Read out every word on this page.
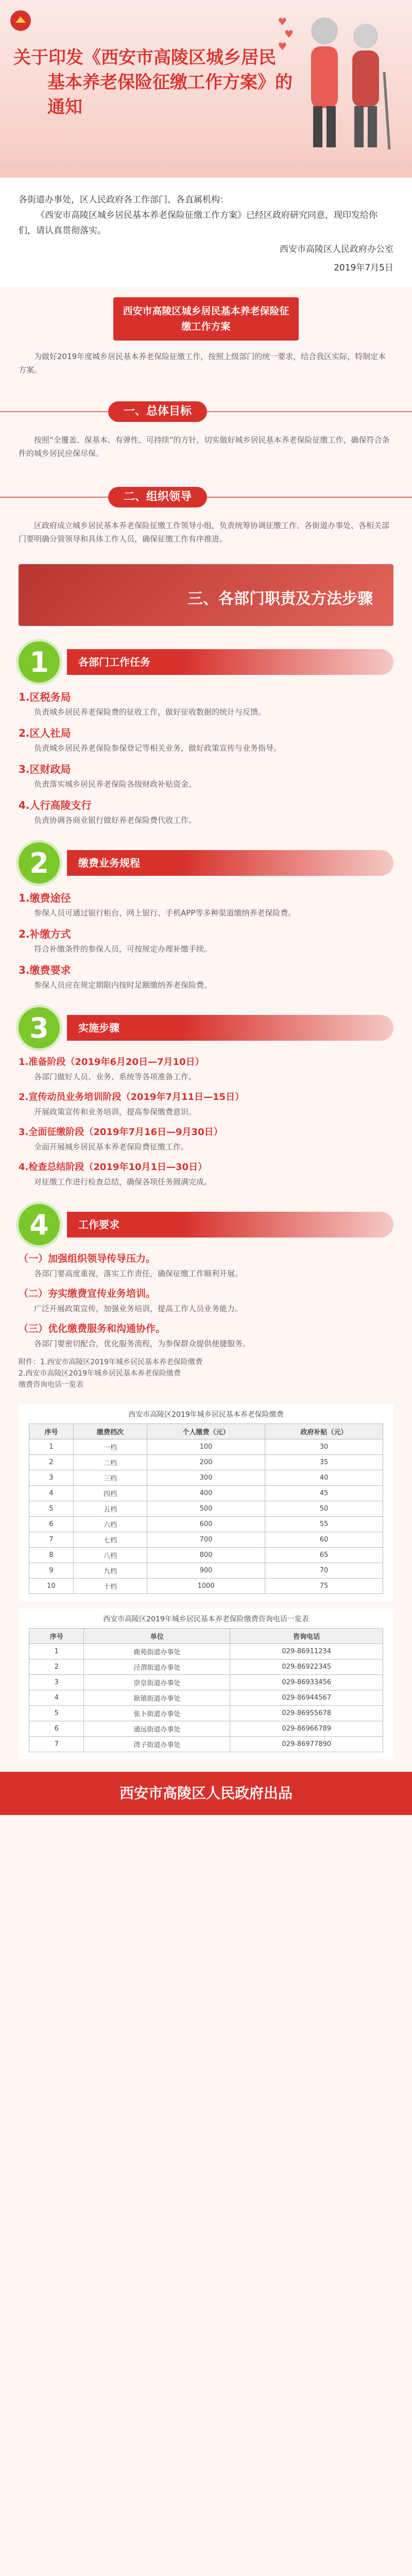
♥
♥
♥
关于印发《西安市高陵区城乡居民
基本养老保险征缴工作方案》的通知

各街道办事处，区人民政府各工作部门、各直属机构：

《西安市高陵区城乡居民基本养老保险征缴工作方案》已经区政府研究同意，现印发给你们，请认真贯彻落实。

西安市高陵区人民政府办公室

2019年7月5日

西安市高陵区城乡居民基本养老保险征缴工作方案
为做好2019年度城乡居民基本养老保险征缴工作，按照上级部门的统一要求，结合我区实际，特制定本方案。
一、总体目标

按照“全覆盖、保基本、有弹性、可持续”的方针，切实做好城乡居民基本养老保险征缴工作，确保符合条件的城乡居民应保尽保。

二、组织领导

区政府成立城乡居民基本养老保险征缴工作领导小组，负责统筹协调征缴工作。各街道办事处、各相关部门要明确分管领导和具体工作人员，确保征缴工作有序推进。

三、各部门职责及方法步骤
1	各部门工作任务
1.区税务局

负责城乡居民养老保险费的征收工作，做好征收数据的统计与反馈。

2.区人社局

负责城乡居民养老保险参保登记等相关业务，做好政策宣传与业务指导。

3.区财政局

负责落实城乡居民养老保险各级财政补贴资金。

4.人行高陵支行

负责协调各商业银行做好养老保险费代收工作。

2	缴费业务规程
1.缴费途径

参保人员可通过银行柜台、网上银行、手机APP等多种渠道缴纳养老保险费。

2.补缴方式

符合补缴条件的参保人员，可按规定办理补缴手续。

3.缴费要求

参保人员应在规定期限内按时足额缴纳养老保险费。

3	实施步骤
1.准备阶段（2019年6月20日—7月10日）

各部门做好人员、业务、系统等各项准备工作。

2.宣传动员业务培训阶段（2019年7月11日—15日）

开展政策宣传和业务培训，提高参保缴费意识。

3.全面征缴阶段（2019年7月16日—9月30日）

全面开展城乡居民基本养老保险费征缴工作。

4.检查总结阶段（2019年10月1日—30日）

对征缴工作进行检查总结，确保各项任务圆满完成。

4	工作要求
（一）加强组织领导传导压力。

各部门要高度重视，落实工作责任，确保征缴工作顺利开展。

（二）夯实缴费宣传业务培训。

广泛开展政策宣传，加强业务培训，提高工作人员业务能力。

（三）优化缴费服务和沟通协作。

各部门要密切配合，优化服务流程，为参保群众提供便捷服务。

附件：1.西安市高陵区2019年城乡居民基本养老保险缴费

2.西安市高陵区2019年城乡居民基本养老保险缴费

缴费咨询电话一览表

西安市高陵区2019年城乡居民基本养老保险缴费
序号	缴费档次	个人缴费（元）	政府补贴（元）
1	一档	100	30
2	二档	200	35
3	三档	300	40
4	四档	400	45
5	五档	500	50
6	六档	600	55
7	七档	700	60
8	八档	800	65
9	九档	900	70
10	十档	1000	75
西安市高陵区2019年城乡居民基本养老保险缴费咨询电话一览表
序号	单位	咨询电话
1	鹿苑街道办事处	029-86911234
2	泾渭街道办事处	029-86922345
3	崇皇街道办事处	029-86933456
4	耿镇街道办事处	029-86944567
5	张卜街道办事处	029-86955678
6	通远街道办事处	029-86966789
7	湾子街道办事处	029-86977890
西安市高陵区人民政府出品
